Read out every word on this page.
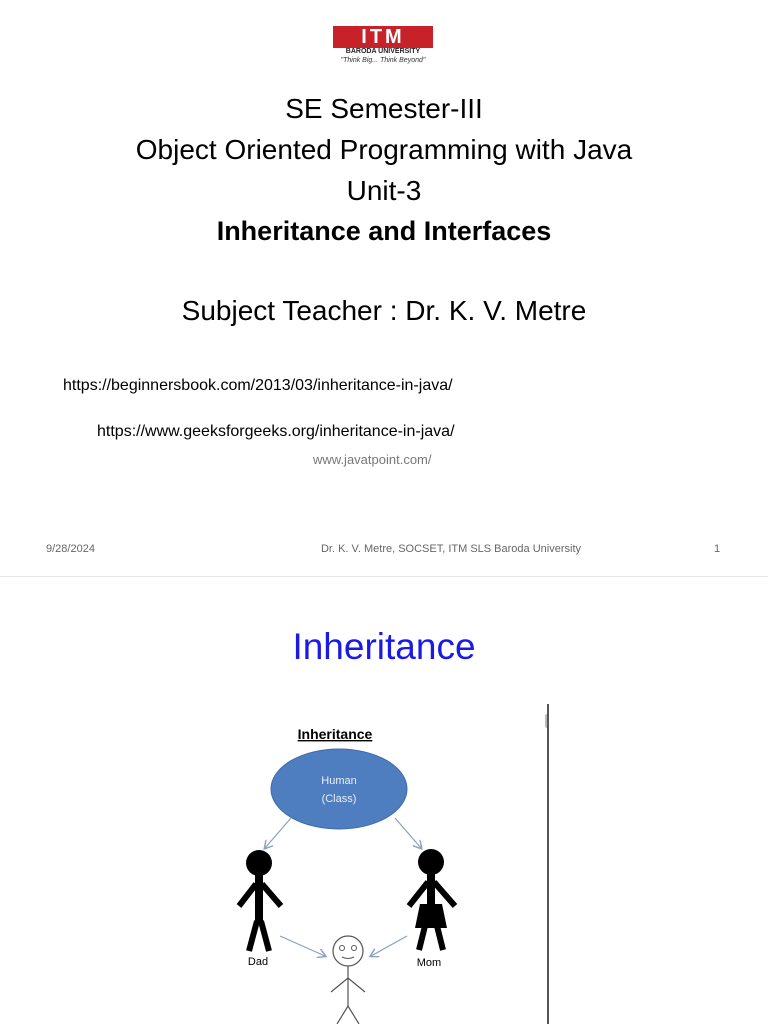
ITM
BARODA UNIVERSITY
"Think Big... Think Beyond"
SE Semester-III
Object Oriented Programming with Java
Unit-3
Inheritance and Interfaces
Subject Teacher : Dr. K. V. Metre
https://beginnersbook.com/2013/03/inheritance-in-java/
https://www.geeksforgeeks.org/inheritance-in-java/
www.javatpoint.com/
9/28/2024	Dr. K. V. Metre, SOCSET, ITM SLS Baroda University	1
Inheritance
Inheritance
Human
(Class)
Dad	Mom
